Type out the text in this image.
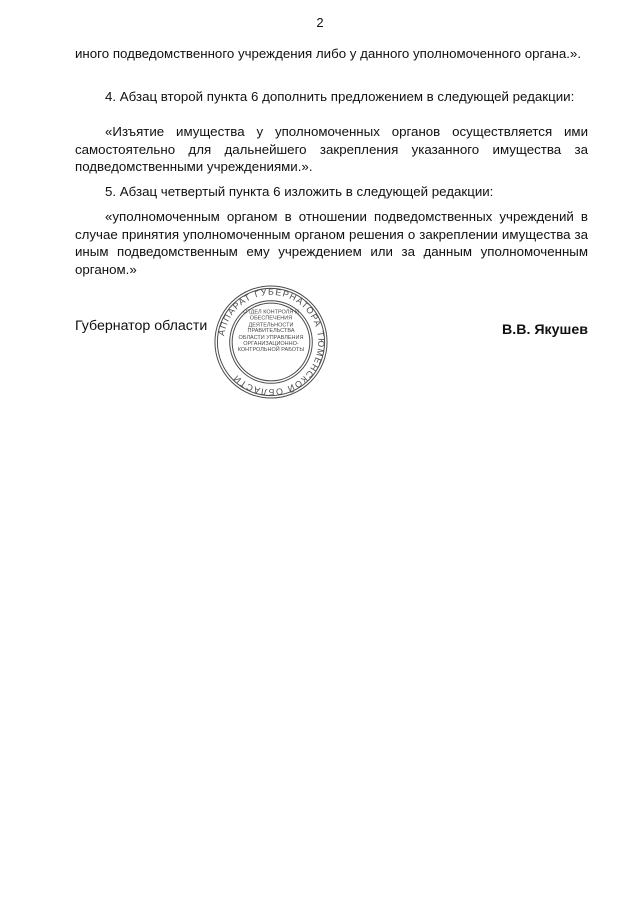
2
иного подведомственного учреждения либо у данного уполномоченного органа.».
4. Абзац второй пункта 6 дополнить предложением в следующей редакции:
«Изъятие имущества у уполномоченных органов осуществляется ими самостоятельно для дальнейшего закрепления указанного имущества за подведомственными учреждениями.».
5. Абзац четвертый пункта 6 изложить в следующей редакции:
«уполномоченным органом в отношении подведомственных учреждений в случае принятия уполномоченным органом решения о закреплении имущества за иным подведомственным ему учреждением или за данным уполномоченным органом.»
Губернатор области	В.В. Якушев
АППАРАТ ГУБЕРНАТОРА ТЮМЕНСКОЙ ОБЛАСТИ
ОТДЕЛ КОНТРОЛЯ И ОБЕСПЕЧЕНИЯ ДЕЯТЕЛЬНОСТИ ПРАВИТЕЛЬСТВА ОБЛАСТИ УПРАВЛЕНИЯ ОРГАНИЗАЦИОННО-КОНТРОЛЬНОЙ РАБОТЫ
